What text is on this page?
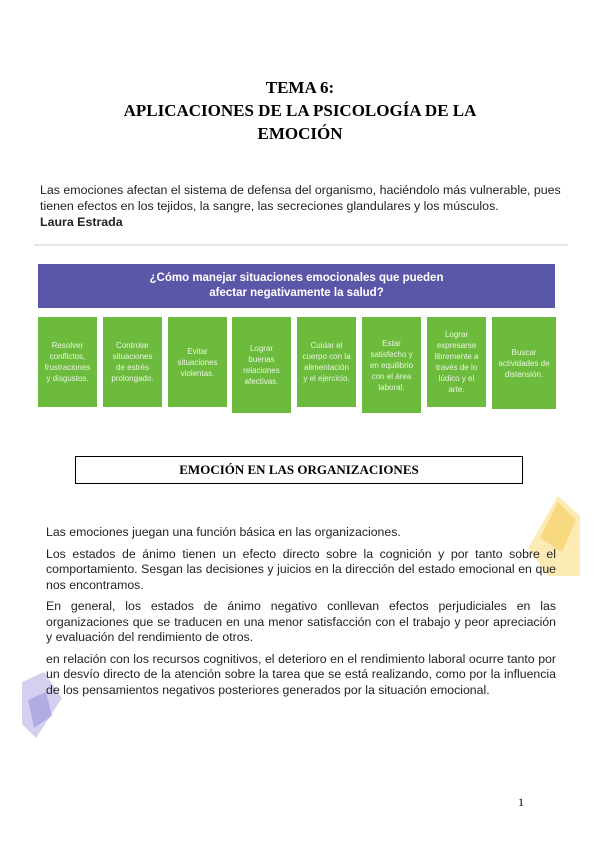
TEMA 6:
APLICACIONES DE LA PSICOLOGÍA DE LA
EMOCIÓN
Las emociones afectan el sistema de defensa del organismo, haciéndolo más vulnerable, pues tienen efectos en los tejidos, la sangre, las secreciones glandulares y los músculos.
Laura Estrada
¿Cómo manejar situaciones emocionales que pueden afectar negativamente la salud?
Resolver conflictos, frustraciones y disgustos.
Controlar situaciones de estrés prolongado.
Evitar situaciones violentas.
Lograr buenas relaciones afectivas.
Cuidar el cuerpo con la alimentación y el ejercicio.
Estar satisfecho y en equilibrio con el área laboral.
Lograr expresarse libremente a través de lo lúdico y el arte.
Buscar actividades de distensión.
EMOCIÓN EN LAS ORGANIZACIONES

Las emociones juegan una función básica en las organizaciones.

Los estados de ánimo tienen un efecto directo sobre la cognición y por tanto sobre el comportamiento. Sesgan las decisiones y juicios en la dirección del estado emocional en que nos encontramos.

En general, los estados de ánimo negativo conllevan efectos perjudiciales en las organizaciones que se traducen en una menor satisfacción con el trabajo y peor apreciación y evaluación del rendimiento de otros.

en relación con los recursos cognitivos, el deterioro en el rendimiento laboral ocurre tanto por un desvío directo de la atención sobre la tarea que se está realizando, como por la influencia de los pensamientos negativos posteriores generados por la situación emocional.

1
